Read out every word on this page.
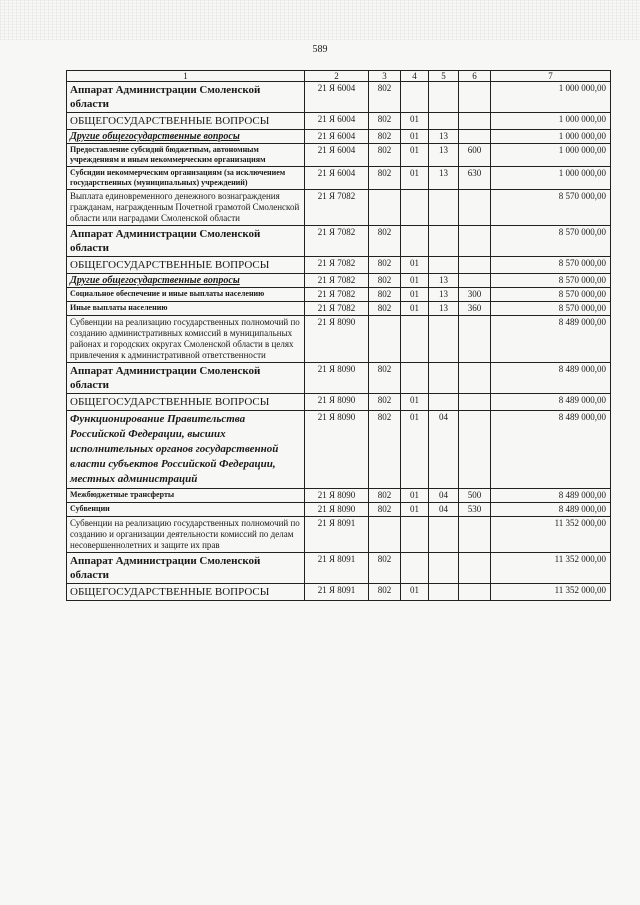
589
1	2	3	4	5	6	7
Аппарат Администрации Смоленской области	21 Я 6004	802				1 000 000,00
ОБЩЕГОСУДАРСТВЕННЫЕ ВОПРОСЫ	21 Я 6004	802	01			1 000 000,00
Другие общегосударственные вопросы	21 Я 6004	802	01	13		1 000 000,00
Предоставление субсидий бюджетным, автономным учреждениям и иным некоммерческим организациям	21 Я 6004	802	01	13	600	1 000 000,00
Субсидии некоммерческим организациям (за исключением государственных (муниципальных) учреждений)	21 Я 6004	802	01	13	630	1 000 000,00
Выплата единовременного денежного вознаграждения гражданам, награжденным Почетной грамотой Смоленской области или наградами Смоленской области	21 Я 7082					8 570 000,00
Аппарат Администрации Смоленской области	21 Я 7082	802				8 570 000,00
ОБЩЕГОСУДАРСТВЕННЫЕ ВОПРОСЫ	21 Я 7082	802	01			8 570 000,00
Другие общегосударственные вопросы	21 Я 7082	802	01	13		8 570 000,00
Социальное обеспечение и иные выплаты населению	21 Я 7082	802	01	13	300	8 570 000,00
Иные выплаты населению	21 Я 7082	802	01	13	360	8 570 000,00
Субвенции на реализацию государственных полномочий по созданию административных комиссий в муниципальных районах и городских округах Смоленской области в целях привлечения к административной ответственности	21 Я 8090					8 489 000,00
Аппарат Администрации Смоленской области	21 Я 8090	802				8 489 000,00
ОБЩЕГОСУДАРСТВЕННЫЕ ВОПРОСЫ	21 Я 8090	802	01			8 489 000,00
Функционирование Правительства Российской Федерации, высших исполнительных органов государственной власти субъектов Российской Федерации, местных администраций	21 Я 8090	802	01	04		8 489 000,00
Межбюджетные трансферты	21 Я 8090	802	01	04	500	8 489 000,00
Субвенции	21 Я 8090	802	01	04	530	8 489 000,00
Субвенции на реализацию государственных полномочий по созданию и организации деятельности комиссий по делам несовершеннолетних и защите их прав	21 Я 8091					11 352 000,00
Аппарат Администрации Смоленской области	21 Я 8091	802				11 352 000,00
ОБЩЕГОСУДАРСТВЕННЫЕ ВОПРОСЫ	21 Я 8091	802	01			11 352 000,00
